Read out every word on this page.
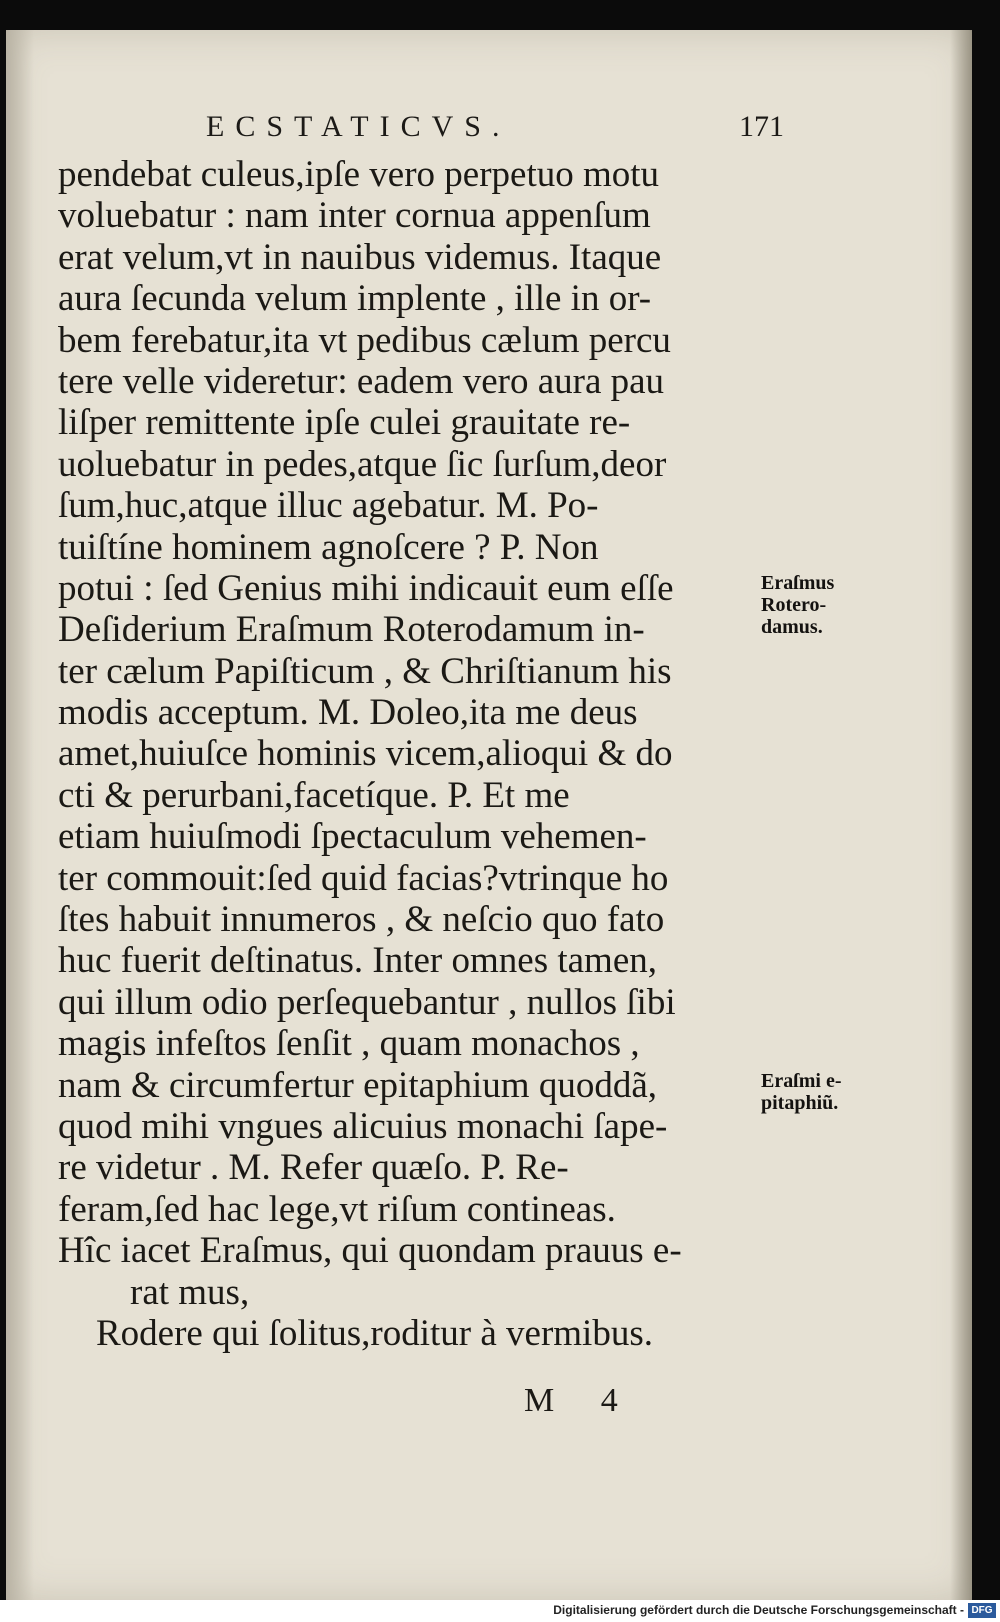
ECSTATICVS.	171
pendebat culeus,ipſe vero perpetuo motu
voluebatur : nam inter cornua appenſum
erat velum,vt in nauibus videmus. Itaque
aura ſecunda velum implente , ille in or-
bem ferebatur,ita vt pedibus cælum percu
tere velle videretur: eadem vero aura pau
liſper remittente ipſe culei grauitate re-
uoluebatur in pedes,atque ſic ſurſum,deor
ſum,huc,atque illuc agebatur. M. Po-
tuiſtíne hominem agnoſcere ? P. Non
potui : ſed Genius mihi indicauit eum eſſe
Deſiderium Eraſmum Roterodamum in-
ter cælum Papiſticum , & Chriſtianum his
modis acceptum. M. Doleo,ita me deus
amet,huiuſce hominis vicem,alioqui & do
cti & perurbani,facetíque. P. Et me
etiam huiuſmodi ſpectaculum vehemen-
ter commouit:ſed quid facias?vtrinque ho
ſtes habuit innumeros , & neſcio quo fato
huc fuerit deſtinatus. Inter omnes tamen,
qui illum odio perſequebantur , nullos ſibi
magis infeſtos ſenſit , quam monachos ,
nam & circumfertur epitaphium quoddã,
quod mihi vngues alicuius monachi ſape-
re videtur . M. Refer quæſo. P. Re-
feram,ſed hac lege,vt riſum contineas.
Hîc iacet Eraſmus, qui quondam prauus e-
rat mus,
Rodere qui ſolitus,roditur à vermibus.
Eraſmus
Rotero-
damus.
Eraſmi e-
pitaphiũ.
M 4
Digitalisierung gefördert durch die Deutsche Forschungsgemeinschaft - DFG
